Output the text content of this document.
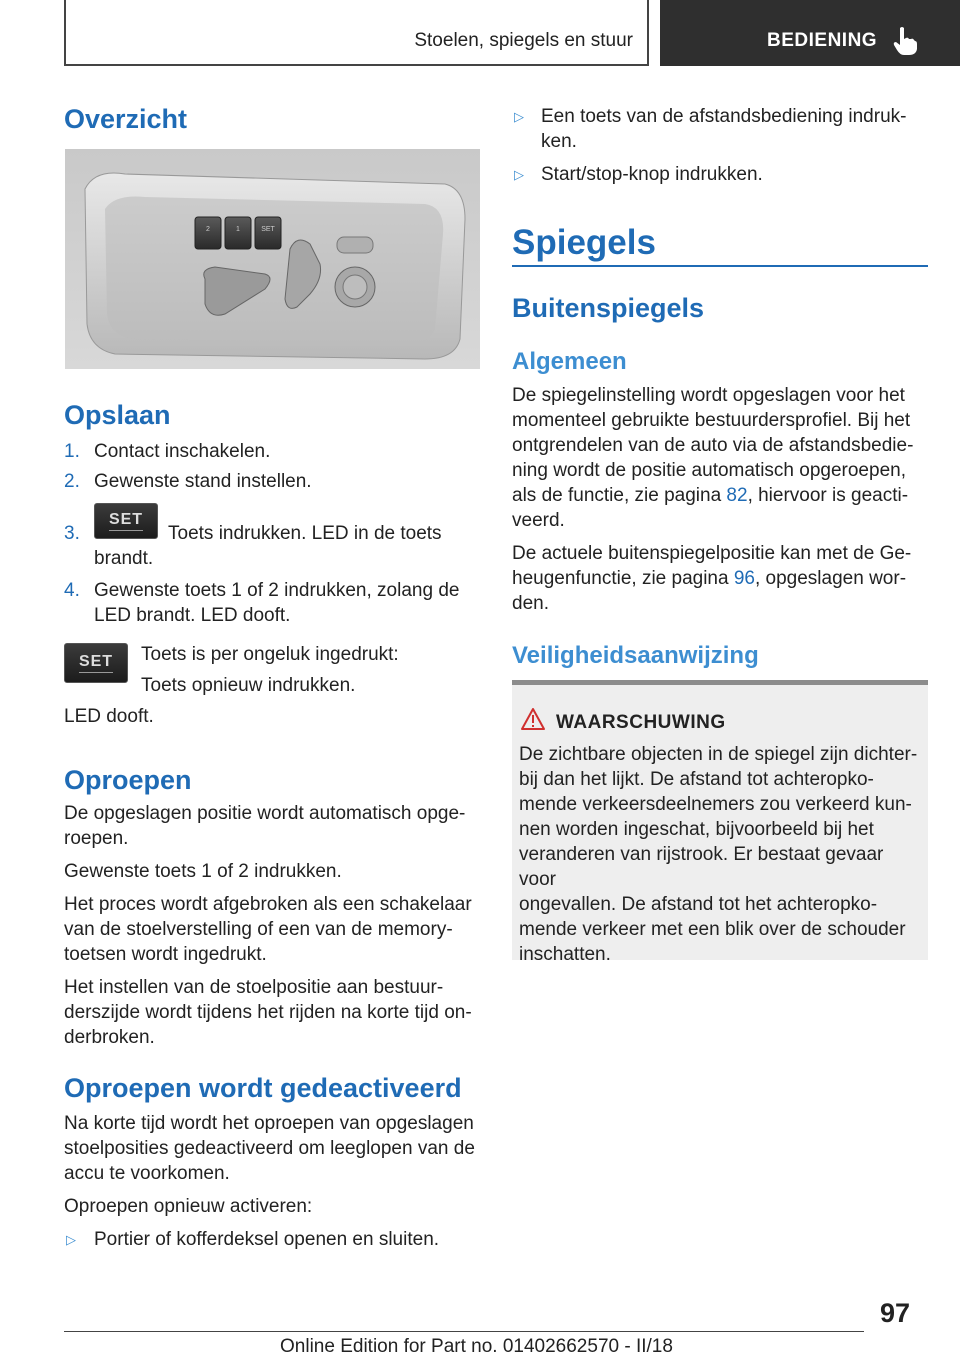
Stoelen, spiegels en stuur	BEDIENING
Overzicht
2	1	SET
Opslaan
1. Contact inschakelen.
2. Gewenste stand instellen.
3.
SET
Toets indrukken. LED in de toets
brandt.
4. Gewenste toets 1 of 2 indrukken, zolang de
LED brandt. LED dooft.
SET Toets is per ongeluk ingedrukt:
Toets opnieuw indrukken.
LED dooft.
Oproepen
De opgeslagen positie wordt automatisch opge-
roepen.
Gewenste toets 1 of 2 indrukken.
Het proces wordt afgebroken als een schakelaar
van de stoelverstelling of een van de memory-
toetsen wordt ingedrukt.
Het instellen van de stoelpositie aan bestuur-
derszijde wordt tijdens het rijden na korte tijd on-
derbroken.
Oproepen wordt gedeactiveerd
Na korte tijd wordt het oproepen van opgeslagen
stoelposities gedeactiveerd om leeglopen van de
accu te voorkomen.
Oproepen opnieuw activeren:
▷ Portier of kofferdeksel openen en sluiten.
▷ Een toets van de afstandsbediening indruk-
ken.
▷ Start/stop-knop indrukken.
Spiegels
Buitenspiegels
Algemeen
De spiegelinstelling wordt opgeslagen voor het
momenteel gebruikte bestuurdersprofiel. Bij het
ontgrendelen van de auto via de afstandsbedie-
ning wordt de positie automatisch opgeroepen,
als de functie, zie pagina 82, hiervoor is geacti-
veerd.
De actuele buitenspiegelpositie kan met de Ge-
heugenfunctie, zie pagina 96, opgeslagen wor-
den.
Veiligheidsaanwijzing
WAARSCHUWING
De zichtbare objecten in de spiegel zijn dichter-
bij dan het lijkt. De afstand tot achteropko-
mende verkeersdeelnemers zou verkeerd kun-
nen worden ingeschat, bijvoorbeeld bij het
veranderen van rijstrook. Er bestaat gevaar voor
ongevallen. De afstand tot het achteropko-
mende verkeer met een blik over de schouder
inschatten.
97
Online Edition for Part no. 01402662570 - II/18
